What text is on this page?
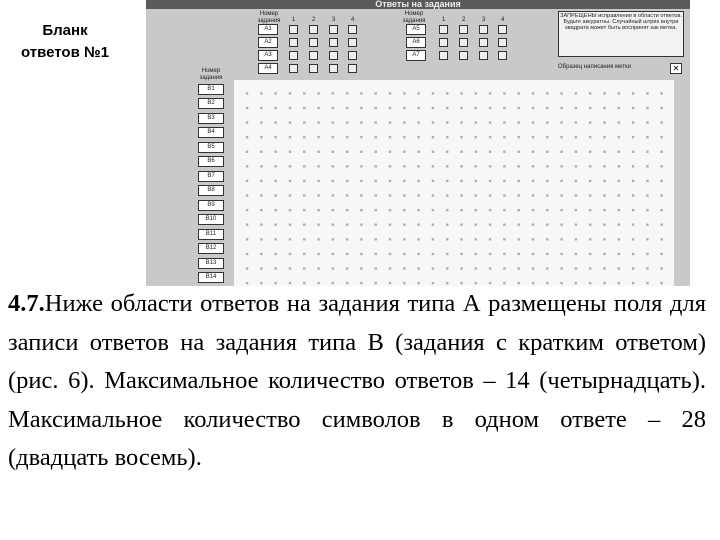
Бланк
ответов №1
Ответы на задания
Номер задания	1	2	3	4
A1
A2
A3
A4
Номер задания	1	2	3	4
A5
A6
A7
ЗАПРЕЩЕНЫ исправления в области ответов. Будьте аккуратны. Случайный штрих внутри квадрата может быть воспринят как метка.
Образец написания метки	✕
Номер задания
B1
B2
B3
B4
B5
B6
B7
B8
B9
B10
B11
B12
B13
B14
4.7.Ниже области ответов на задания типа А размещены поля для записи ответов на задания типа В (задания с кратким ответом) (рис. 6). Максимальное количество ответов – 14 (четырнадцать). Максимальное количество символов в одном ответе – 28 (двадцать восемь).
